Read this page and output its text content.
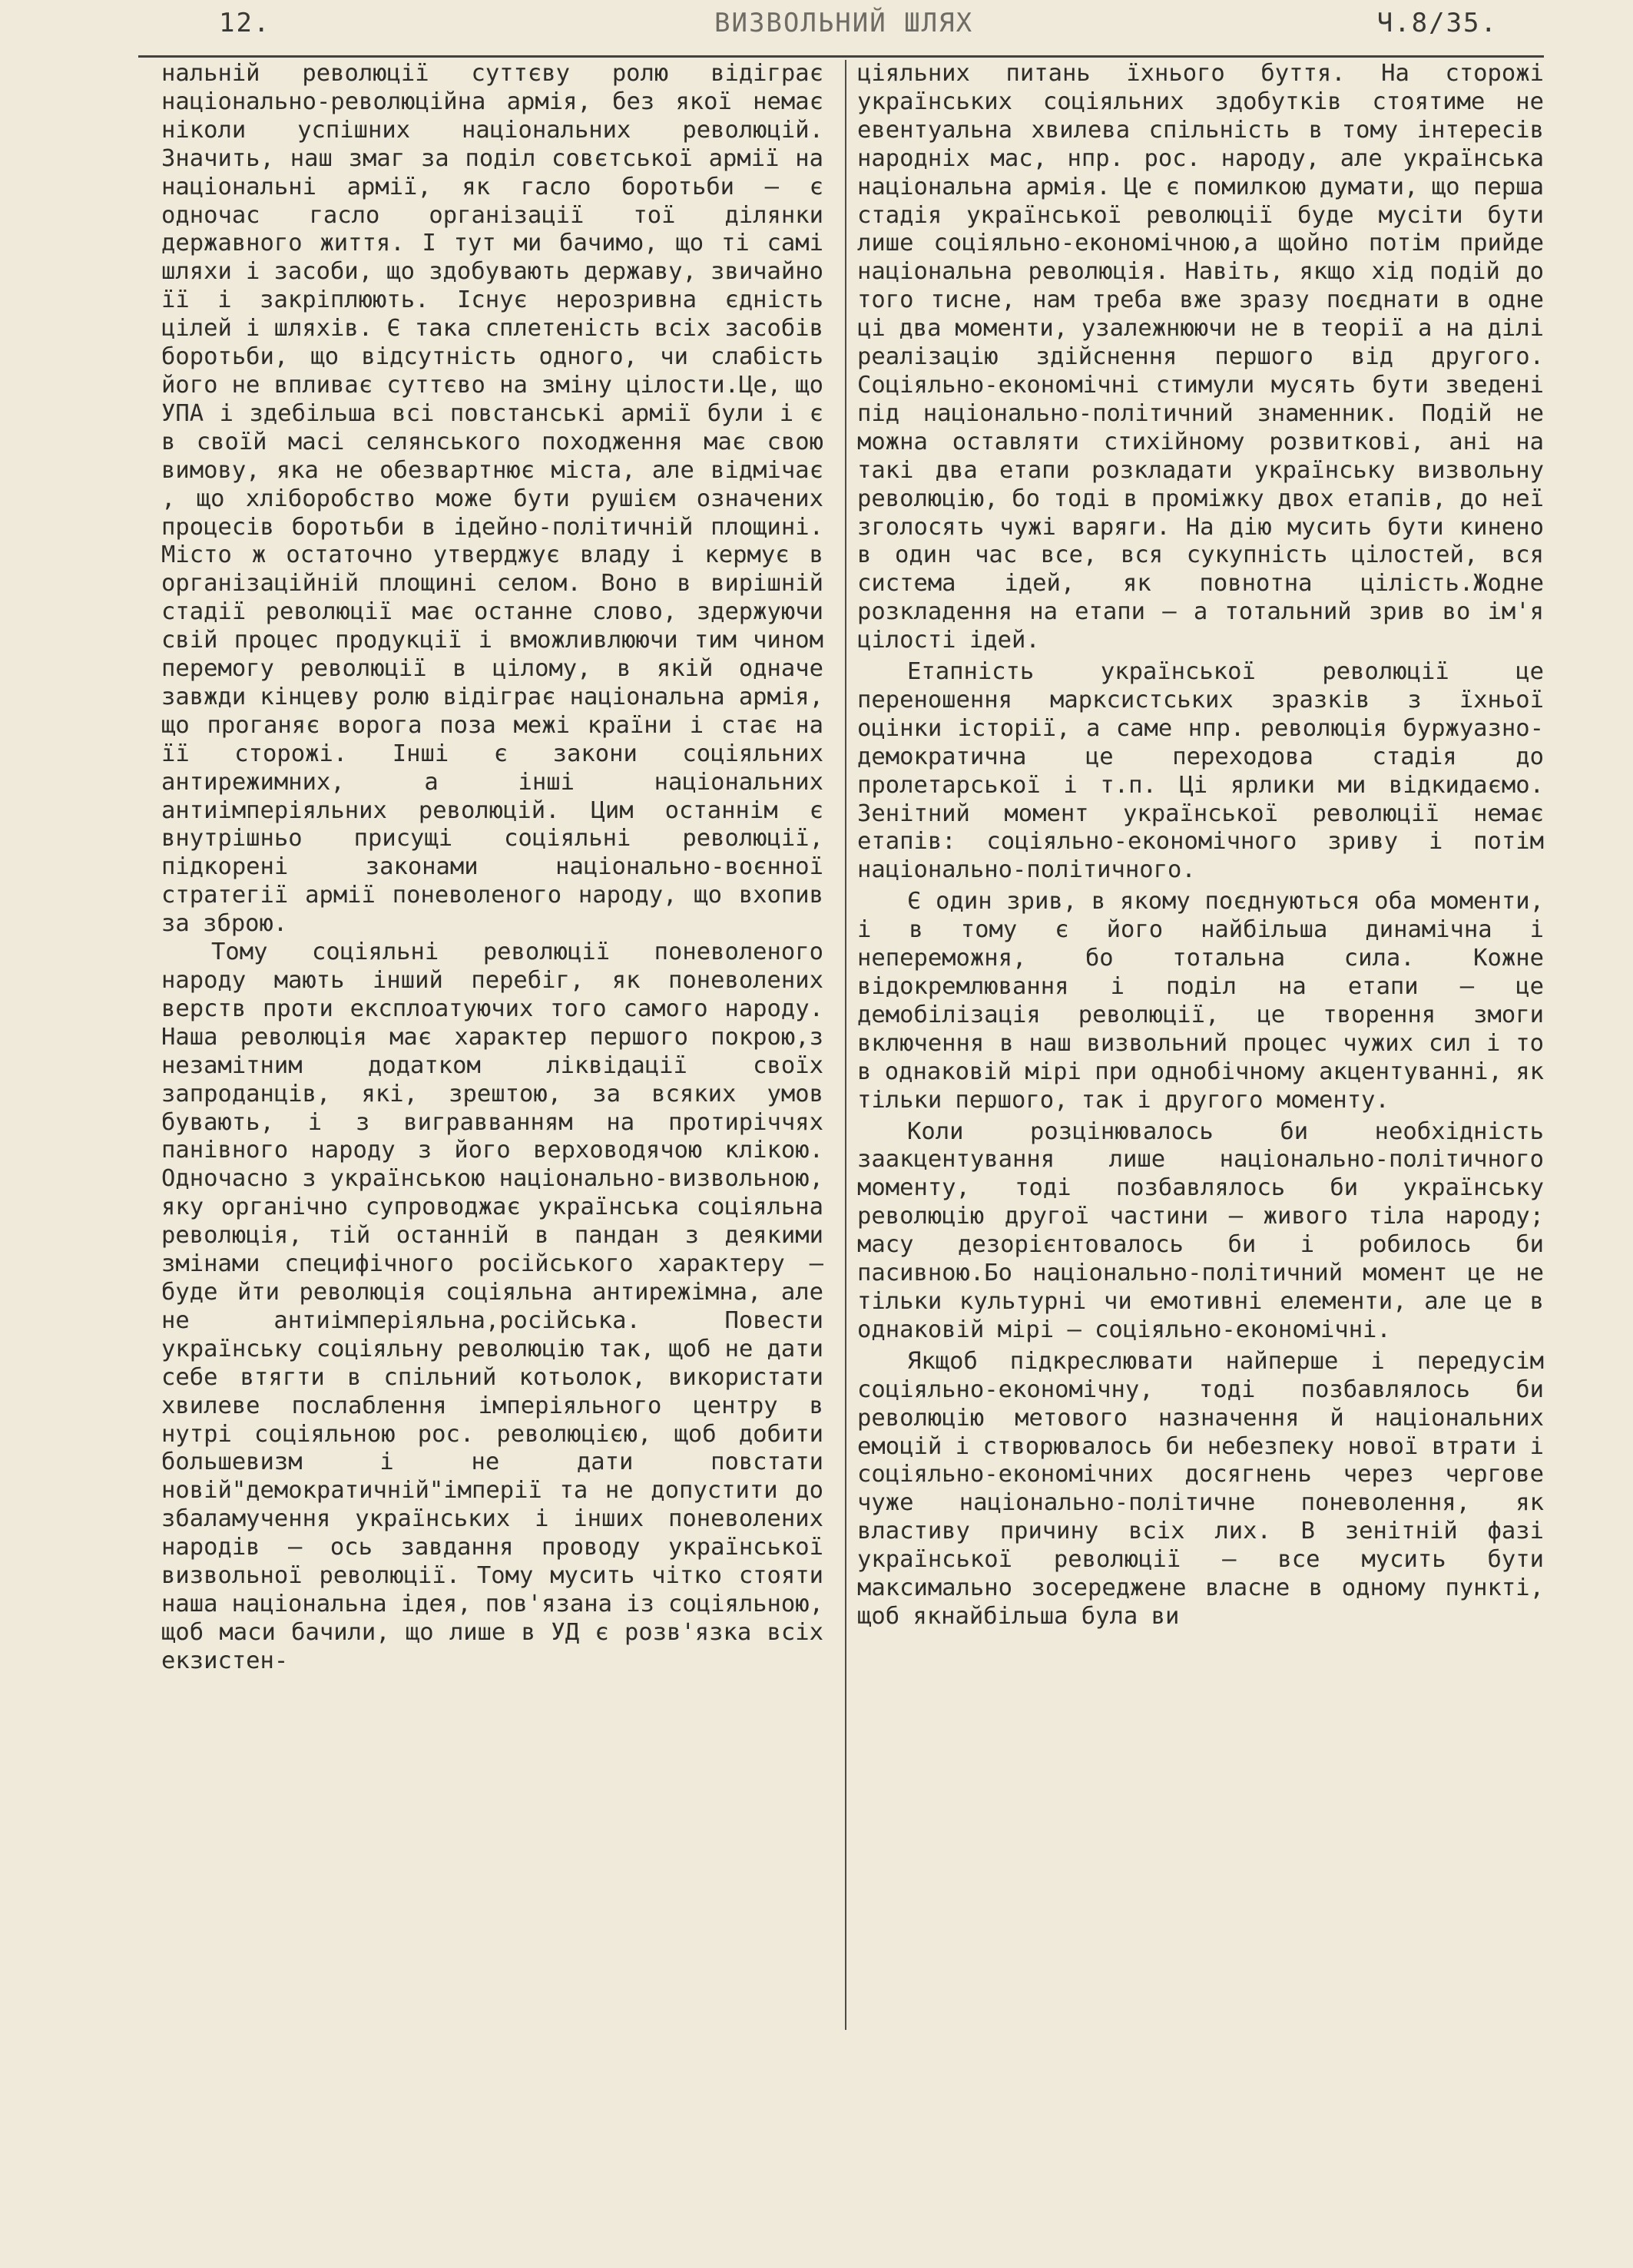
12.	ВИЗВОЛЬНИЙ ШЛЯХ	Ч.8/35.

нальній революції суттєву ролю відіграє національно-революційна армія, без якої немає ніколи успішних національних революцій. Значить, наш змаг за поділ совєтської армії на національні армії, як гасло боротьби – є одночас гасло організації тої ділянки державного життя. І тут ми бачимо, що ті самі шляхи і засоби, що здобувають державу, звичайно її і закріплюють. Існує нерозривна єдність цілей і шляхів. Є така сплетеність всіх засобів боротьби, що відсутність одного, чи слабість його не впливає суттєво на зміну цілости.Це, що УПА і здебільша всі повстанські армії були і є в своїй масі селянського походження має свою вимову, яка не обезвартнює міста, але відмічає , що хліборобство може бути рушієм означених процесів боротьби в ідейно-політичній площині. Місто ж остаточно утверджує владу і кермує в організаційній площині селом. Воно в вирішній стадії революції має останне слово, здержуючи свій процес продукції і вможливлюючи тим чином перемогу революції в цілому, в якій одначе завжди кінцеву ролю відіграє національна армія, що проганяє ворога поза межі країни і стає на її сторожі. Інші є закони соціяльних антирежимних, а інші національних антиімперіяльних революцій. Цим останнім є внутрішньо присущі соціяльні революції, підкорені законами національно-воєнної стратегії армії поневоленого народу, що вхопив за зброю.

Тому соціяльні революції поневоленого народу мають інший перебіг, як поневолених верств проти експлоатуючих того самого народу. Наша революція має характер першого покрою,з незамітним додатком ліквідації своїх запроданців, які, зрештою, за всяких умов бувають, і з вигравванням на протиріччях панівного народу з його верховодячою клікою. Одночасно з українською національно-визвольною, яку органічно супроводжає українська соціяльна революція, тій останній в пандан з деякими змінами специфічного російського характеру – буде йти революція соціяльна антирежімна, але не антиімперіяльна,російська. Повести українську соціяльну революцію так, щоб не дати себе втягти в спільний котьолок, використати хвилеве послаблення імперіяльного центру в нутрі соціяльною рос. революцією, щоб добити большевизм і не дати повстати новій"демократичній"імперії та не допустити до збаламучення українських і інших поневолених народів – ось завдання проводу української визвольної революції. Тому мусить чітко стояти наша національна ідея, пов'язана із соціяльною, щоб маси бачили, що лише в УД є розв'язка всіх екзистен-

ціяльних питань їхнього буття. На сторожі українських соціяльних здобутків стоятиме не евентуальна хвилева спільність в тому інтересів народніх мас, нпр. рос. народу, але українська національна армія. Це є помилкою думати, що перша стадія української революції буде мусіти бути лише соціяльно-економічною,а щойно потім прийде національна революція. Навіть, якщо хід подій до того тисне, нам треба вже зразу поєднати в одне ці два моменти, узалежнюючи не в теорії а на ділі реалізацію здійснення першого від другого. Соціяльно-економічні стимули мусять бути зведені під національно-політичний знаменник. Подій не можна оставляти стихійному розвиткові, ані на такі два етапи розкладати українську визвольну революцію, бо тоді в проміжку двох етапів, до неї зголосять чужі варяги. На дію мусить бути кинено в один час все, вся сукупність цілостей, вся система ідей, як повнотна цілість.Жодне розкладення на етапи – а тотальний зрив во ім'я цілості ідей.

Етапність української революції це переношення марксистських зразків з їхньої оцінки історії, а саме нпр. революція буржуазно-демократична це переходова стадія до пролетарської і т.п. Ці ярлики ми відкидаємо. Зенітний момент української революції немає етапів: соціяльно-економічного зриву і потім національно-політичного.

Є один зрив, в якому поєднуються оба моменти, і в тому є його найбільша динамічна і непереможня, бо тотальна сила. Кожне відокремлювання і поділ на етапи – це демобілізація революції, це творення змоги включення в наш визвольний процес чужих сил і то в однаковій мірі при однобічному акцентуванні, як тільки першого, так і другого моменту.

Коли розцінювалось би необхідність заакцентування лише національно-політичного моменту, тоді позбавлялось би українську революцію другої частини – живого тіла народу; масу дезорієнтовалось би і робилось би пасивною.Бо національно-політичний момент це не тільки культурні чи емотивні елементи, але це в однаковій мірі – соціяльно-економічні.

Якщоб підкреслювати найперше і передусім соціяльно-економічну, тоді позбавлялось би революцію метового назначення й національних емоцій і створювалось би небезпеку нової втрати і соціяльно-економічних досягнень через чергове чуже національно-політичне поневолення, як властиву причину всіх лих. В зенітній фазі української революції – все мусить бути максимально зосереджене власне в одному пункті, щоб якнайбільша була ви
